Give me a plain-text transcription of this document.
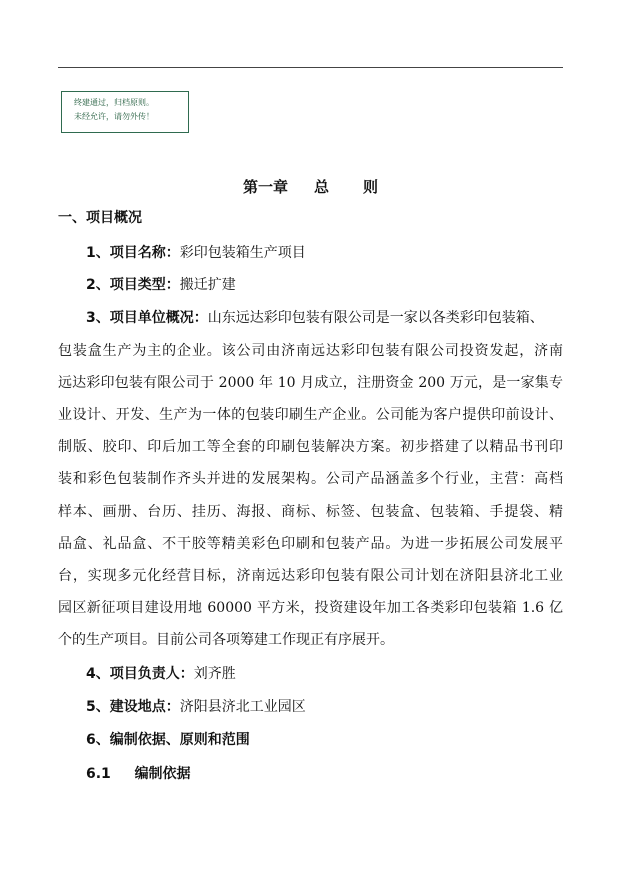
终建通过，归档原则。
未经允许，请勿外传！
第一章 总 则
一、项目概况
1、项目名称：彩印包装箱生产项目
2、项目类型：搬迁扩建
3、项目单位概况：山东远达彩印包装有限公司是一家以各类彩印包装箱、
包装盒生产为主的企业。该公司由济南远达彩印包装有限公司投资发起，济南
远达彩印包装有限公司于 2000 年 10 月成立，注册资金 200 万元，是一家集专
业设计、开发、生产为一体的包装印刷生产企业。公司能为客户提供印前设计、
制版、胶印、印后加工等全套的印刷包装解决方案。初步搭建了以精品书刊印
装和彩色包装制作齐头并进的发展架构。公司产品涵盖多个行业，主营：高档
样本、画册、台历、挂历、海报、商标、标签、包装盒、包装箱、手提袋、精
品盒、礼品盒、不干胶等精美彩色印刷和包装产品。为进一步拓展公司发展平
台，实现多元化经营目标，济南远达彩印包装有限公司计划在济阳县济北工业
园区新征项目建设用地 60000 平方米，投资建设年加工各类彩印包装箱 1.6 亿
个的生产项目。目前公司各项筹建工作现正有序展开。
4、项目负责人：刘齐胜
5、建设地点：济阳县济北工业园区
6、编制依据、原则和范围
6.1 编制依据
